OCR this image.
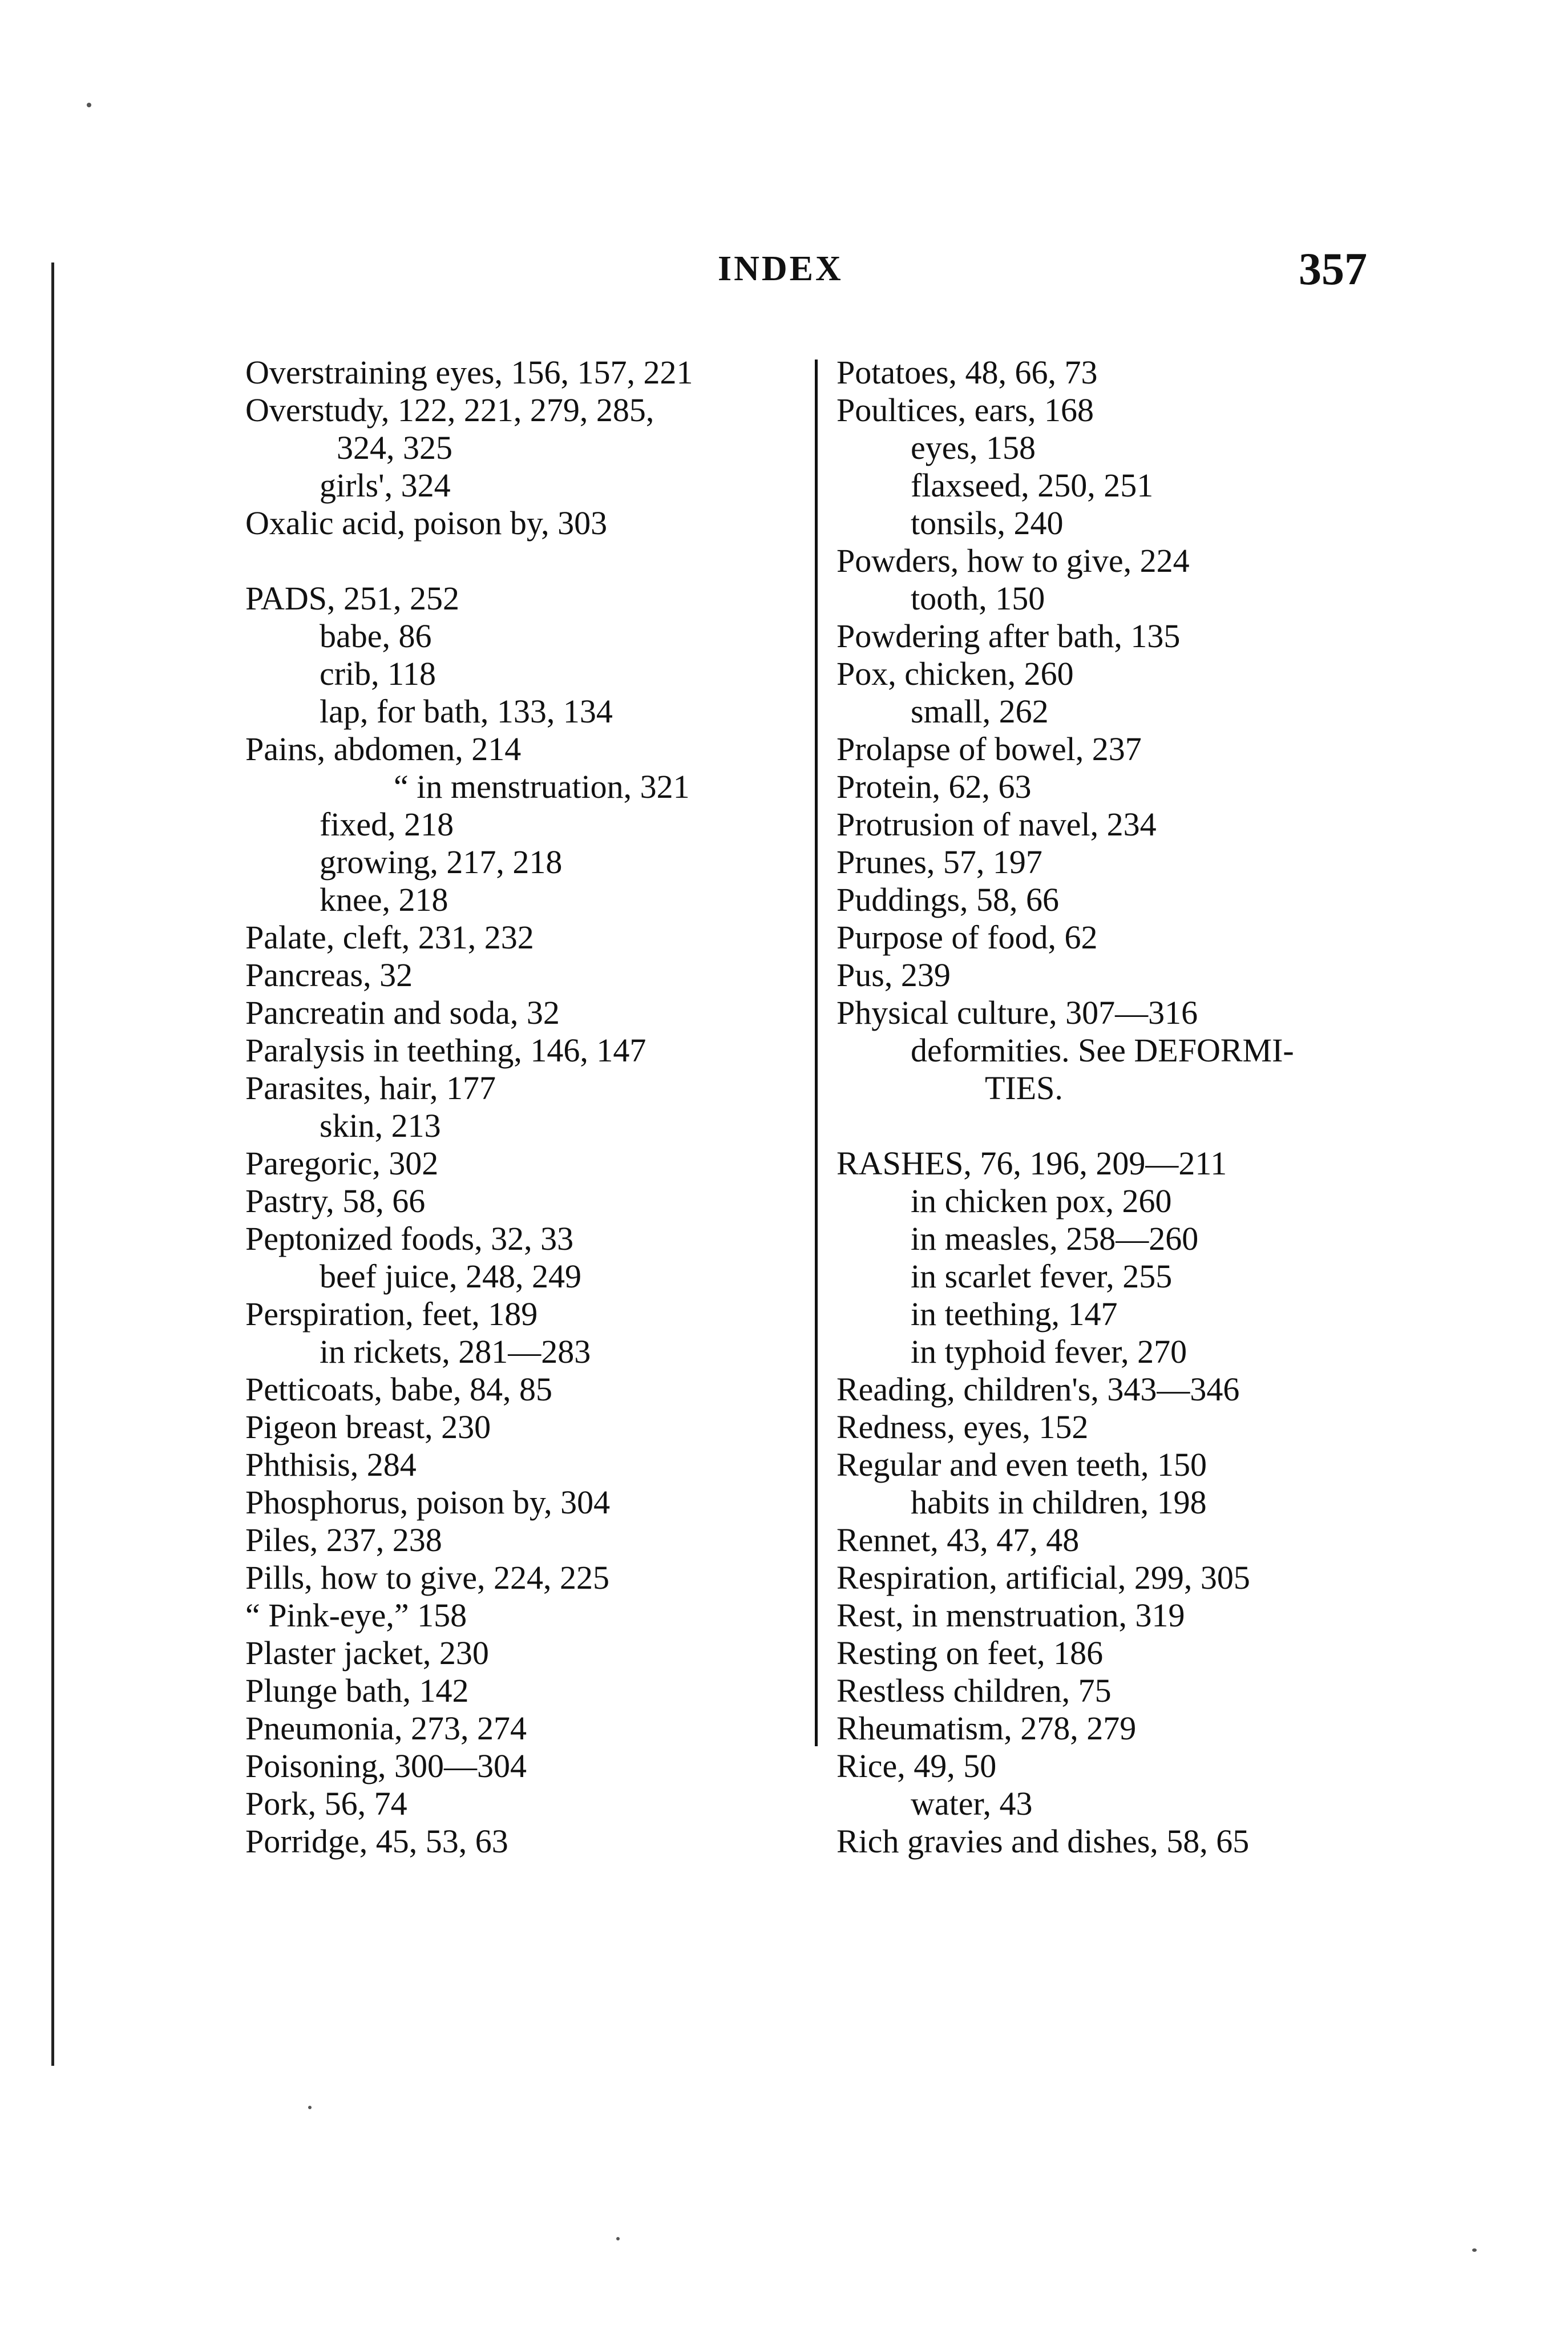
INDEX	357
Overstraining eyes, 156, 157, 221
Overstudy, 122, 221, 279, 285,
324, 325
girls', 324
Oxalic acid, poison by, 303
PADS, 251, 252
babe, 86
crib, 118
lap, for bath, 133, 134
Pains, abdomen, 214
“ in menstruation, 321
fixed, 218
growing, 217, 218
knee, 218
Palate, cleft, 231, 232
Pancreas, 32
Pancreatin and soda, 32
Paralysis in teething, 146, 147
Parasites, hair, 177
skin, 213
Paregoric, 302
Pastry, 58, 66
Peptonized foods, 32, 33
beef juice, 248, 249
Perspiration, feet, 189
in rickets, 281—283
Petticoats, babe, 84, 85
Pigeon breast, 230
Phthisis, 284
Phosphorus, poison by, 304
Piles, 237, 238
Pills, how to give, 224, 225
“ Pink-eye,” 158
Plaster jacket, 230
Plunge bath, 142
Pneumonia, 273, 274
Poisoning, 300—304
Pork, 56, 74
Porridge, 45, 53, 63
Potatoes, 48, 66, 73
Poultices, ears, 168
eyes, 158
flaxseed, 250, 251
tonsils, 240
Powders, how to give, 224
tooth, 150
Powdering after bath, 135
Pox, chicken, 260
small, 262
Prolapse of bowel, 237
Protein, 62, 63
Protrusion of navel, 234
Prunes, 57, 197
Puddings, 58, 66
Purpose of food, 62
Pus, 239
Physical culture, 307—316
deformities. See DEFORMI-
TIES.
RASHES, 76, 196, 209—211
in chicken pox, 260
in measles, 258—260
in scarlet fever, 255
in teething, 147
in typhoid fever, 270
Reading, children's, 343—346
Redness, eyes, 152
Regular and even teeth, 150
habits in children, 198
Rennet, 43, 47, 48
Respiration, artificial, 299, 305
Rest, in menstruation, 319
Resting on feet, 186
Restless children, 75
Rheumatism, 278, 279
Rice, 49, 50
water, 43
Rich gravies and dishes, 58, 65
